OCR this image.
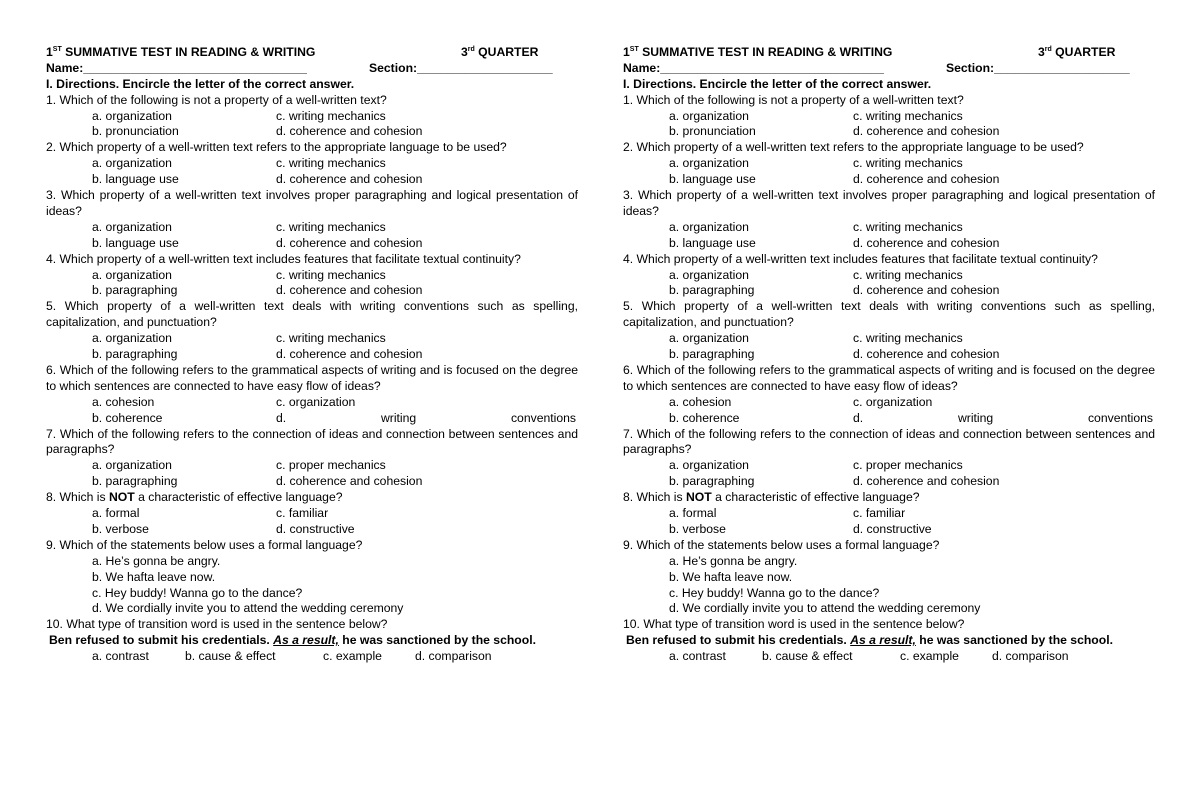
1ST SUMMATIVE TEST IN READING & WRITING	3rd QUARTER
Name:_________________________________	Section:____________________
I. Directions. Encircle the letter of the correct answer.
1. Which of the following is not a property of a well-written text?
a. organization	c. writing mechanics
b. pronunciation	d. coherence and cohesion
2. Which property of a well-written text refers to the appropriate language to be used?
a. organization	c. writing mechanics
b. language use	d. coherence and cohesion
3. Which property of a well-written text involves proper paragraphing and logical presentation of ideas?
a. organization	c. writing mechanics
b. language use	d. coherence and cohesion
4. Which property of a well-written text includes features that facilitate textual continuity?
a. organization	c. writing mechanics
b. paragraphing	d. coherence and cohesion
5. Which property of a well-written text deals with writing conventions such as spelling, capitalization, and punctuation?
a. organization	c. writing mechanics
b. paragraphing	d. coherence and cohesion
6. Which of the following refers to the grammatical aspects of writing and is focused on the degree to which sentences are connected to have easy flow of ideas?
a. cohesion	c. organization
b. coherence	d.	writing	conventions
7. Which of the following refers to the connection of ideas and connection between sentences and paragraphs?
a. organization	c. proper mechanics
b. paragraphing	d. coherence and cohesion
8. Which is NOT a characteristic of effective language?
a. formal	c. familiar
b. verbose	d. constructive
9. Which of the statements below uses a formal language?
a. He’s gonna be angry.
b. We hafta leave now.
c. Hey buddy! Wanna go to the dance?
d. We cordially invite you to attend the wedding ceremony
10. What type of transition word is used in the sentence below?
Ben refused to submit his credentials. As a result, he was sanctioned by the school.
a. contrast	b. cause & effect	c. example	d. comparison
1ST SUMMATIVE TEST IN READING & WRITING	3rd QUARTER
Name:_________________________________	Section:____________________
I. Directions. Encircle the letter of the correct answer.
1. Which of the following is not a property of a well-written text?
a. organization	c. writing mechanics
b. pronunciation	d. coherence and cohesion
2. Which property of a well-written text refers to the appropriate language to be used?
a. organization	c. writing mechanics
b. language use	d. coherence and cohesion
3. Which property of a well-written text involves proper paragraphing and logical presentation of ideas?
a. organization	c. writing mechanics
b. language use	d. coherence and cohesion
4. Which property of a well-written text includes features that facilitate textual continuity?
a. organization	c. writing mechanics
b. paragraphing	d. coherence and cohesion
5. Which property of a well-written text deals with writing conventions such as spelling, capitalization, and punctuation?
a. organization	c. writing mechanics
b. paragraphing	d. coherence and cohesion
6. Which of the following refers to the grammatical aspects of writing and is focused on the degree to which sentences are connected to have easy flow of ideas?
a. cohesion	c. organization
b. coherence	d.	writing	conventions
7. Which of the following refers to the connection of ideas and connection between sentences and paragraphs?
a. organization	c. proper mechanics
b. paragraphing	d. coherence and cohesion
8. Which is NOT a characteristic of effective language?
a. formal	c. familiar
b. verbose	d. constructive
9. Which of the statements below uses a formal language?
a. He’s gonna be angry.
b. We hafta leave now.
c. Hey buddy! Wanna go to the dance?
d. We cordially invite you to attend the wedding ceremony
10. What type of transition word is used in the sentence below?
Ben refused to submit his credentials. As a result, he was sanctioned by the school.
a. contrast	b. cause & effect	c. example	d. comparison
